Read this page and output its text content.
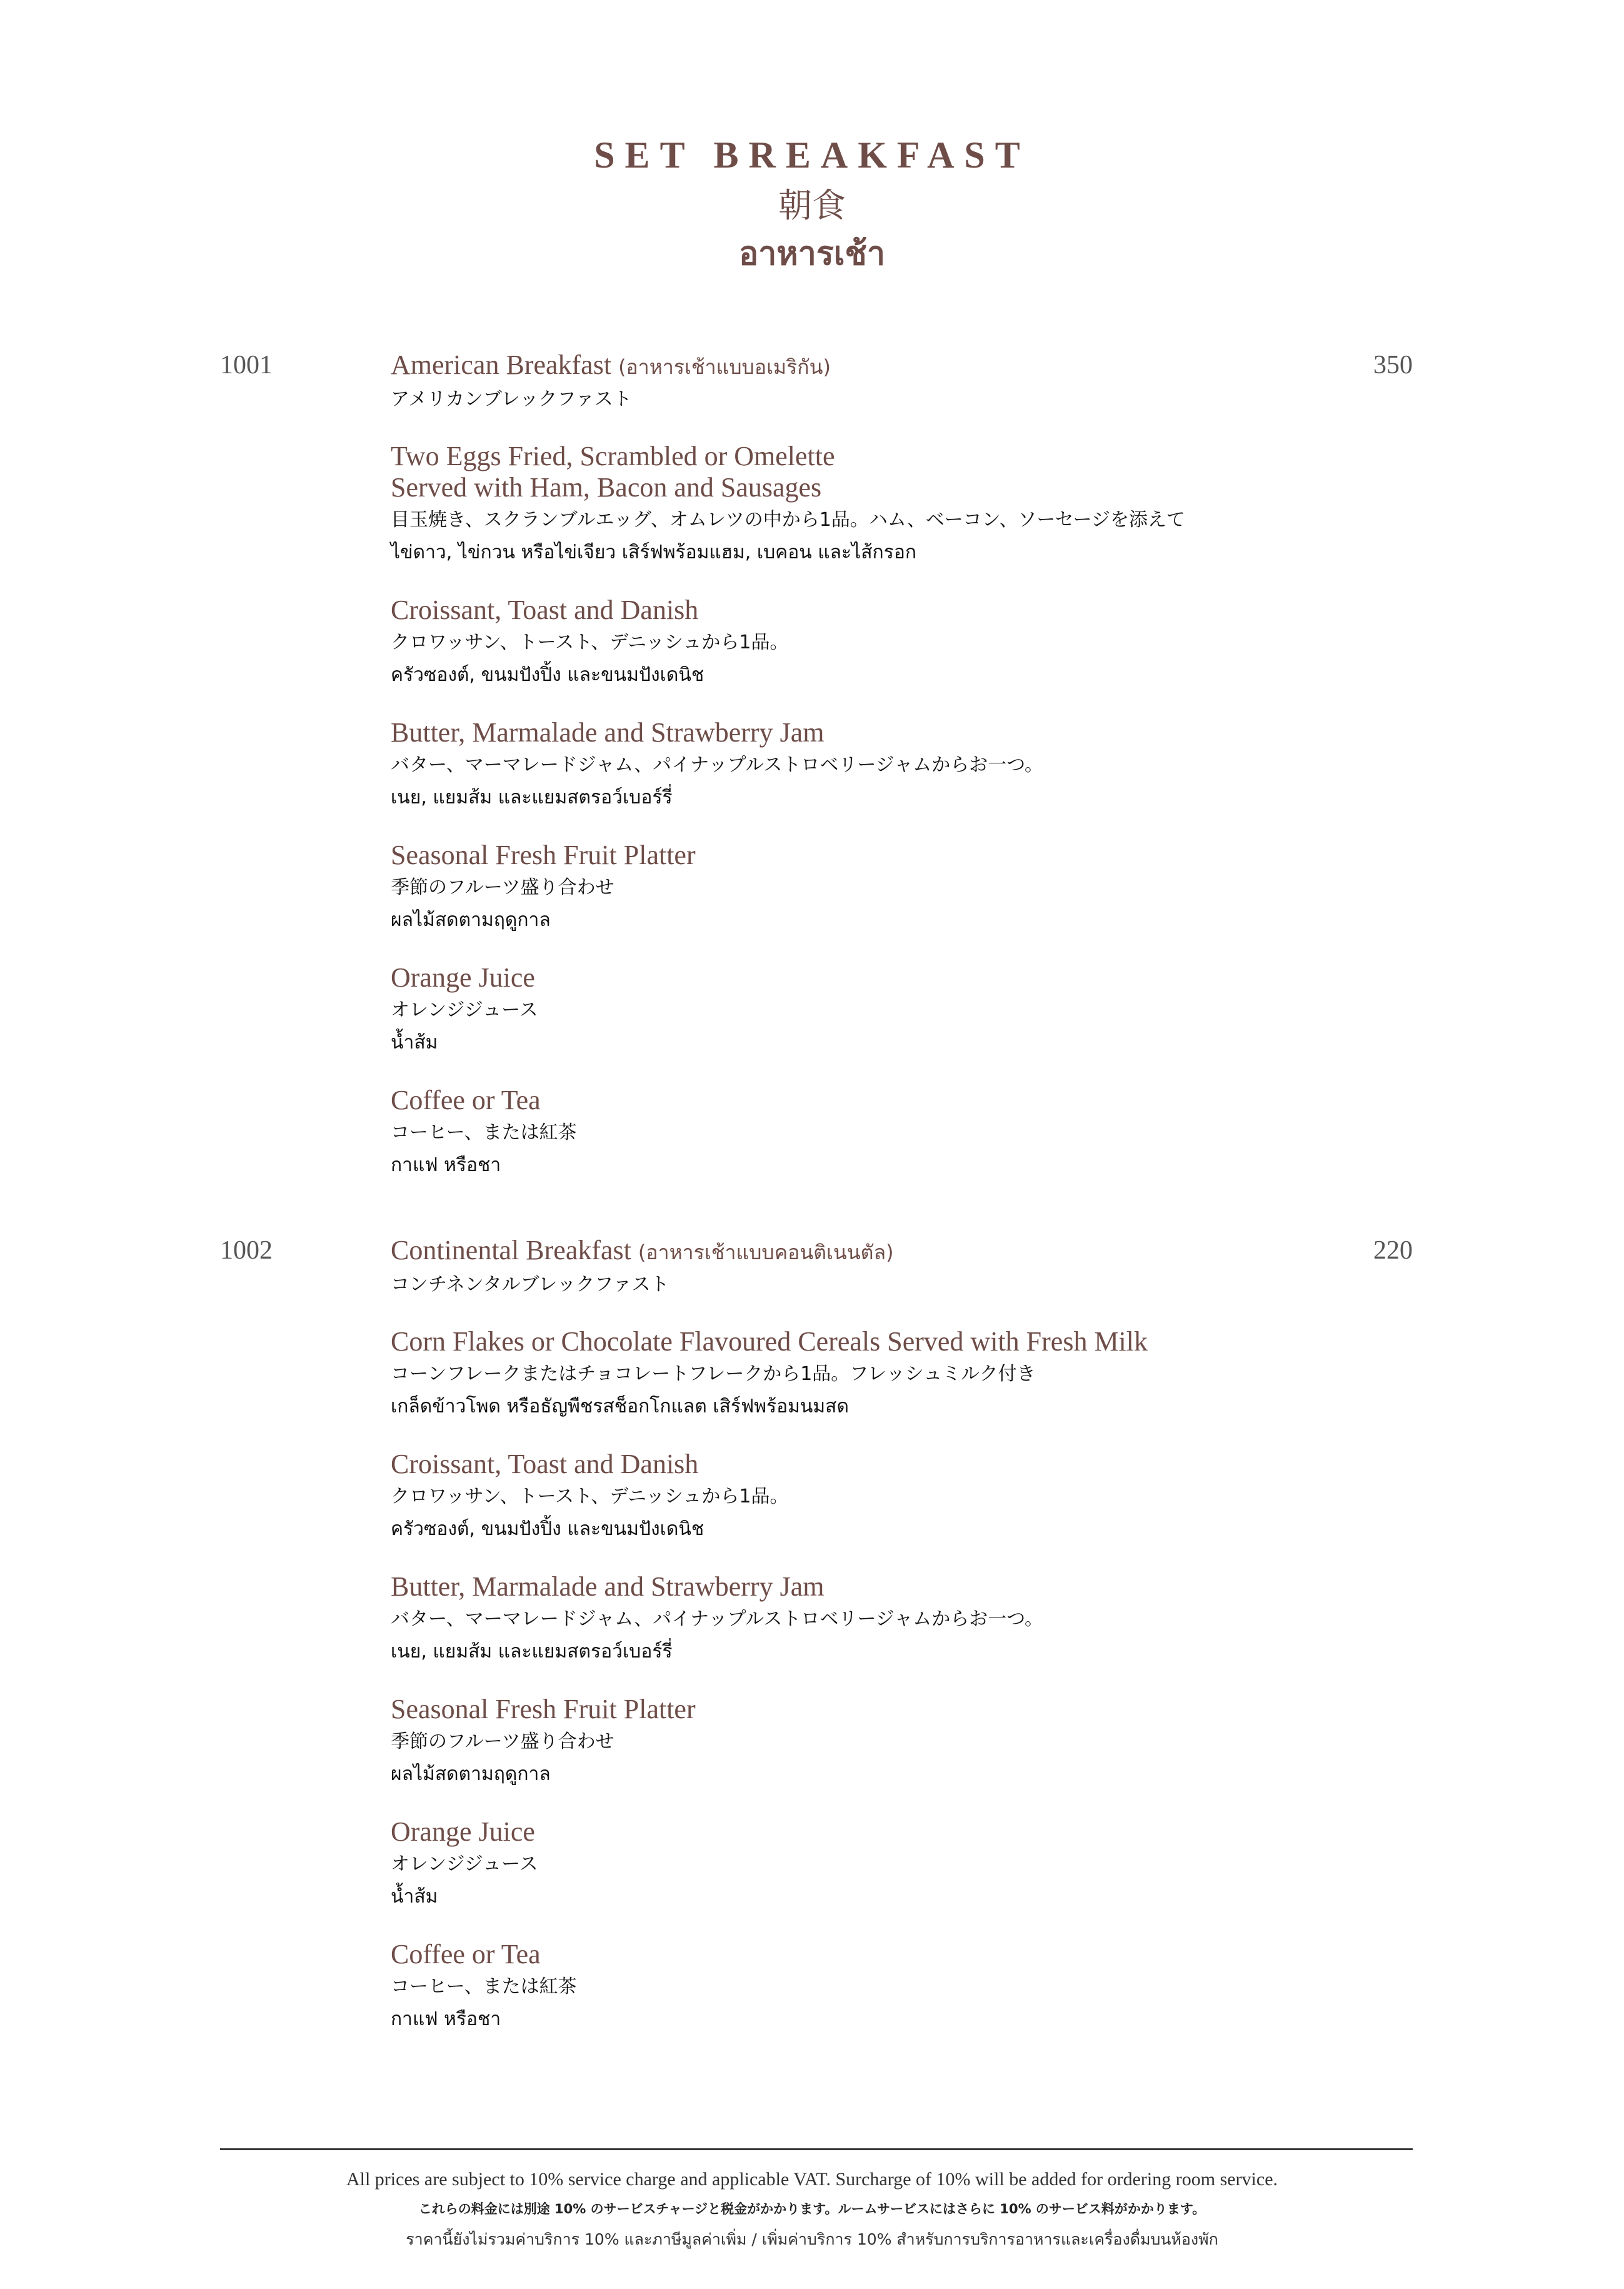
SET BREAKFAST
朝食
อาหารเช้า
1001	American Breakfast (อาหารเช้าแบบอเมริกัน)
アメリカンブレックファスト
Two Eggs Fried, Scrambled or Omelette
Served with Ham, Bacon and Sausages
目玉焼き、スクランブルエッグ、オムレツの中から1品。ハム、ベーコン、ソーセージを添えて
ไข่ดาว, ไข่กวน หรือไข่เจียว เสิร์ฟพร้อมแฮม, เบคอน และไส้กรอก
Croissant, Toast and Danish
クロワッサン、トースト、デニッシュから1品。
ครัวซองต์, ขนมปังปิ้ง และขนมปังเดนิช
Butter, Marmalade and Strawberry Jam
バター、マーマレードジャム、パイナップルストロベリージャムからお一つ。
เนย, แยมส้ม และแยมสตรอว์เบอร์รี่
Seasonal Fresh Fruit Platter
季節のフルーツ盛り合わせ
ผลไม้สดตามฤดูกาล
Orange Juice
オレンジジュース
น้ำส้ม
Coffee or Tea
コーヒー、または紅茶
กาแฟ หรือชา
350
1002	Continental Breakfast (อาหารเช้าแบบคอนติเนนตัล)
コンチネンタルブレックファスト
Corn Flakes or Chocolate Flavoured Cereals Served with Fresh Milk
コーンフレークまたはチョコレートフレークから1品。フレッシュミルク付き
เกล็ดข้าวโพด หรือธัญพืชรสช็อกโกแลต เสิร์ฟพร้อมนมสด
Croissant, Toast and Danish
クロワッサン、トースト、デニッシュから1品。
ครัวซองต์, ขนมปังปิ้ง และขนมปังเดนิช
Butter, Marmalade and Strawberry Jam
バター、マーマレードジャム、パイナップルストロベリージャムからお一つ。
เนย, แยมส้ม และแยมสตรอว์เบอร์รี่
Seasonal Fresh Fruit Platter
季節のフルーツ盛り合わせ
ผลไม้สดตามฤดูกาล
Orange Juice
オレンジジュース
น้ำส้ม
Coffee or Tea
コーヒー、または紅茶
กาแฟ หรือชา
220
All prices are subject to 10% service charge and applicable VAT. Surcharge of 10% will be added for ordering room service.
これらの料金には別途 10% のサービスチャージと税金がかかります。ルームサービスにはさらに 10% のサービス料がかかります。
ราคานี้ยังไม่รวมค่าบริการ 10% และภาษีมูลค่าเพิ่ม / เพิ่มค่าบริการ 10% สำหรับการบริการอาหารและเครื่องดื่มบนห้องพัก
